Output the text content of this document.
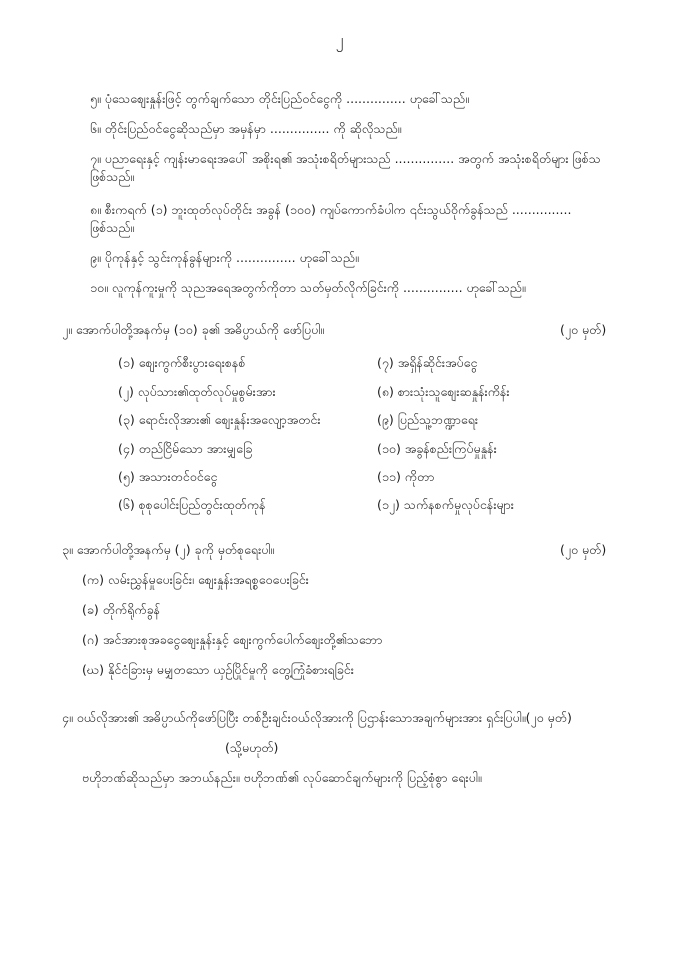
၂
၅။ ပုံသေစျေးနှုန်းဖြင့် တွက်ချက်သော တိုင်းပြည်ဝင်ငွေကို ............... ဟုခေါ်သည်။
၆။ တိုင်းပြည်ဝင်ငွေဆိုသည်မှာ အမှန်မှာ ............... ကို ဆိုလိုသည်။
၇။ ပညာရေးနှင့် ကျန်းမာရေးအပေါ် အစိုးရ၏ အသုံးစရိတ်များသည် ............... အတွက် အသုံးစရိတ်များ ဖြစ်သ
ဖြစ်သည်။
၈။ စီးကရက် (၁) ဘူးထုတ်လုပ်တိုင်း အခွန် (၁၀၀) ကျပ်ကောက်ခံပါက ၎င်းသွယ်ဝိုက်ခွန်သည် ...............
ဖြစ်သည်။
၉။ ပိုကုန်နှင့် သွင်းကုန်ခွန်များကို ............... ဟုခေါ်သည်။
၁၀။ လူကုန်ကူးမှုကို သုညအရေအတွက်ကိုတာ သတ်မှတ်လိုက်ခြင်းကို ............... ဟုခေါ်သည်။
၂။ အောက်ပါတို့အနက်မှ (၁၀) ခု၏ အဓိပ္ပာယ်ကို ဖော်ပြပါ။	(၂၀ မှတ်)
(၁) စျေးကွက်စီးပွားရေးစနစ်
(၂) လုပ်သား၏ထုတ်လုပ်မှုစွမ်းအား
(၃) ရောင်းလိုအား၏ စျေးနှုန်းအလျော့အတင်း
(၄) တည်ငြိမ်သော အားမျှခြေ
(၅) အသားတင်ဝင်ငွေ
(၆) စုစုပေါင်းပြည်တွင်းထုတ်ကုန်
(၇) အရှိန်ဆိုင်းအပ်ငွေ
(၈) စားသုံးသူစျေးဆနှုန်းကိန်း
(၉) ပြည်သူ့ဘဏ္ဍာရေး
(၁၀) အခွန်စည်းကြပ်မှုနှုန်း
(၁၁) ကိုတာ
(၁၂) သက်နစက်မှုလုပ်ငန်းများ
၃။ အောက်ပါတို့အနက်မှ (၂) ခုကို မှတ်စုရေးပါ။	(၂၀ မှတ်)
(က) လမ်းညွှန်မှုပေးခြင်း၊ စျေးနှုန်းအရစ္စဝေပေးခြင်း
(ခ) တိုက်ရိုက်ခွန်
(ဂ) အင်အားစုအခငွေစျေးနှုန်းနှင့် စျေးကွက်ပေါက်စျေးတို့၏သဘော
(ဃ) နိုင်ငံခြားမှ မမျှတသော ယှဉ်ပြိုင်မှုကို တွေ့ကြုံခံစားရခြင်း
၄။ ဝယ်လိုအား၏ အဓိပ္ပာယ်ကိုဖော်ပြပြီး တစ်ဦးချင်းဝယ်လိုအားကို ပြဌာန်းသောအချက်များအား ရှင်းပြပါ။(၂၀ မှတ်)
(သို့မဟုတ်)
ဗဟိုဘဏ်ဆိုသည်မှာ အဘယ်နည်း။ ဗဟိုဘဏ်၏ လုပ်ဆောင်ချက်များကို ပြည့်စုံစွာ ရေးပါ။
